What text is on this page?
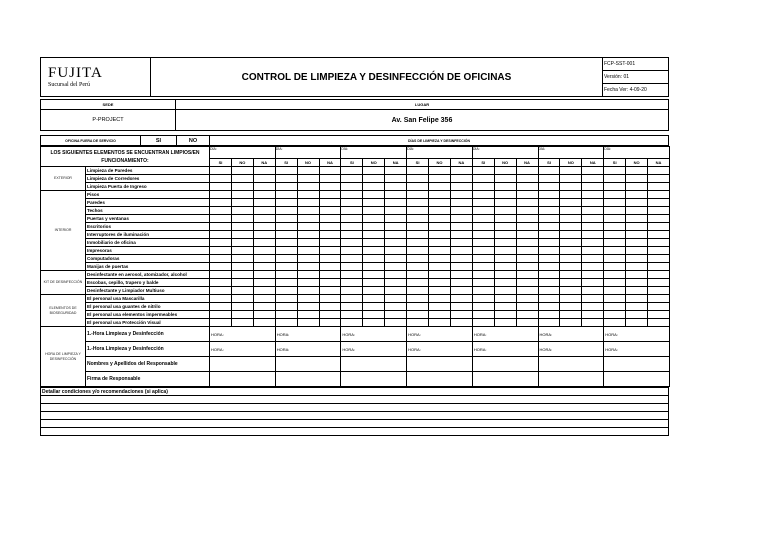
FUJITA
Sucursal del Perú
	CONTROL DE LIMPIEZA Y DESINFECCIÓN DE OFICINAS	FCP-SST-001
Versión: 01
Fecha Ver: 4-09-20
SEDE	LUGAR
P-PROJECT	Av. San Felipe 356
OFICINA FUERA DE SERVICIO	SI	NO	DÍAS DE LIMPIEZA Y DESINFECCIÓN
LOS SIGUIENTES ELEMENTOS SE ENCUENTRAN LIMPIOS/EN FUNCIONAMIENTO:		DÍA:			DÍA:			DÍA:			DÍA:			DÍA:			DÍA:			DÍA:		
		SI	NO	NA	SI	NO	NA	SI	NO	NA	SI	NO	NA	SI	NO	NA	SI	NO	NA	SI	NO	NA
EXTERIOR	Limpieza de Paredes																					
	Limpieza de Corredores																					
	Limpieza Puerta de Ingreso																					
INTERIOR	Pisos																					
	Paredes																					
	Techos																					
	Puertas y ventanas																					
	Escritorios																					
	Interruptores de iluminación																					
	Inmobiliario de oficina																					
	Impresoras																					
	Computadoras																					
	Manijas de puertas																					
KIT DE DESINFECCIÓN	Desinfectante en aerosol, atomizador, alcohol																					
	Escobas, cepillo, trapero y balde																					
	Desinfectante y Limpiador Multiuso																					
ELEMENTOS DE BIOSEGURIDAD	El personal usa Mascarilla																					
	El personal usa guantes de nitrilo																					
	El personal usa elementos impermeables																					
	El personal usa Protección Visual																					
HORA DE LIMPIEZA Y DESINFECCIÓN	1.-Hora Limpieza y Desinfección	HORA:			HORA:			HORA:			HORA:			HORA:			HORA:			HORA:		
	1.-Hora Limpieza y Desinfección	HORA:			HORA:			HORA:			HORA:			HORA:			HORA:			HORA:		
	Nombres y Apellidos del Responsable																					
	Firma de Responsable																					
Detallar condiciones y/o recomendaciones (si aplica)
